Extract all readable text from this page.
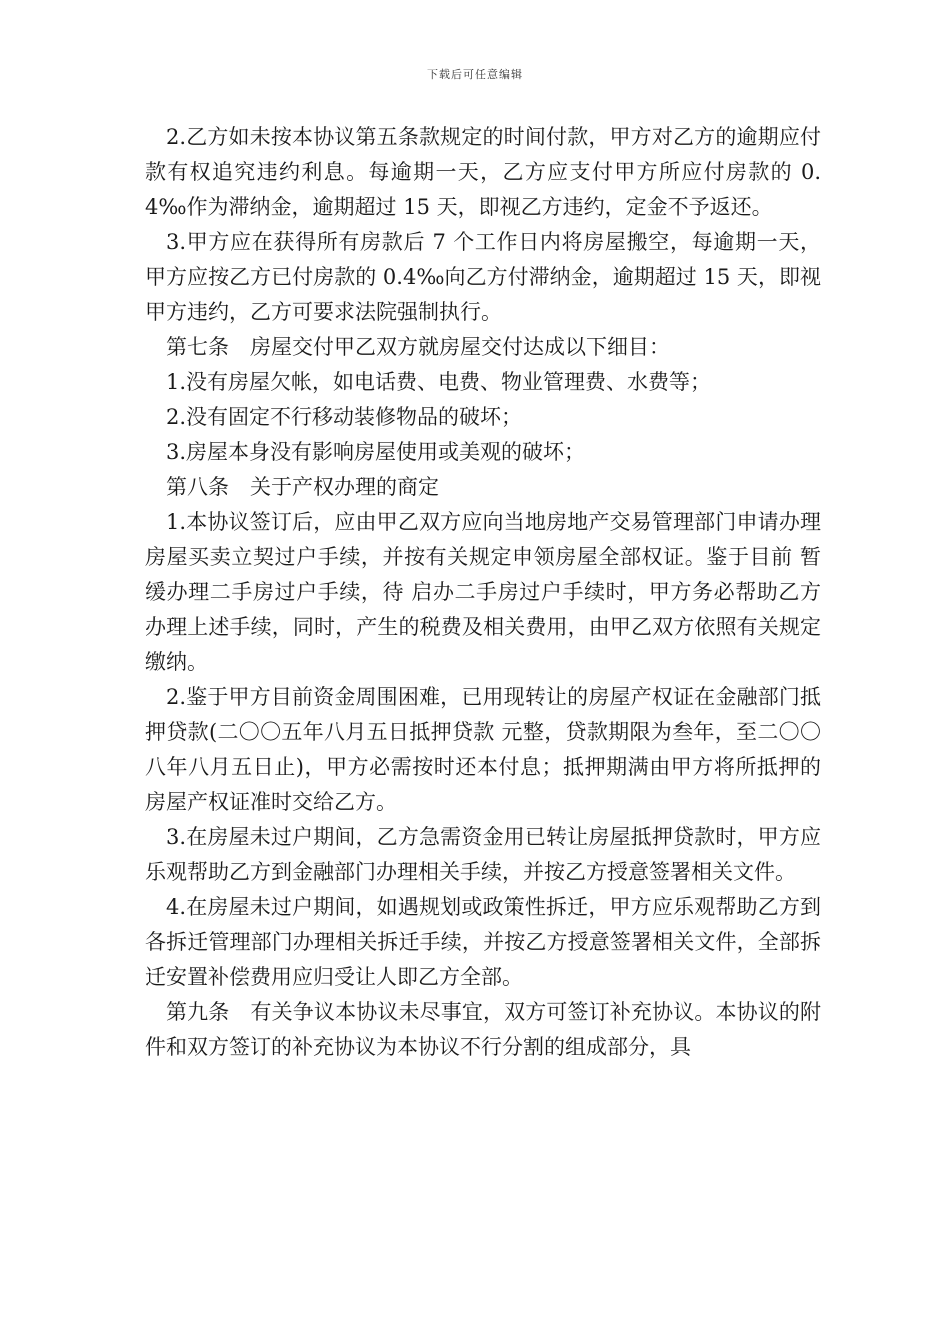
下载后可任意编辑

2.乙方如未按本协议第五条款规定的时间付款，甲方对乙方的逾期应付款有权追究违约利息。每逾期一天，乙方应支付甲方所应付房款的 0.4‰作为滞纳金，逾期超过 15 天，即视乙方违约，定金不予返还。

3.甲方应在获得所有房款后 7 个工作日内将房屋搬空，每逾期一天，甲方应按乙方已付房款的 0.4‰向乙方付滞纳金，逾期超过 15 天，即视甲方违约，乙方可要求法院强制执行。

第七条　房屋交付甲乙双方就房屋交付达成以下细目：

1.没有房屋欠帐，如电话费、电费、物业管理费、水费等；

2.没有固定不行移动装修物品的破坏；

3.房屋本身没有影响房屋使用或美观的破坏；

第八条　关于产权办理的商定

1.本协议签订后，应由甲乙双方应向当地房地产交易管理部门申请办理房屋买卖立契过户手续，并按有关规定申领房屋全部权证。鉴于目前 暂缓办理二手房过户手续，待 启办二手房过户手续时，甲方务必帮助乙方办理上述手续，同时，产生的税费及相关费用，由甲乙双方依照有关规定缴纳。

2.鉴于甲方目前资金周围困难，已用现转让的房屋产权证在金融部门抵押贷款(二〇〇五年八月五日抵押贷款 元整，贷款期限为叁年，至二〇〇八年八月五日止)，甲方必需按时还本付息；抵押期满由甲方将所抵押的房屋产权证准时交给乙方。

3.在房屋未过户期间，乙方急需资金用已转让房屋抵押贷款时，甲方应乐观帮助乙方到金融部门办理相关手续，并按乙方授意签署相关文件。

4.在房屋未过户期间，如遇规划或政策性拆迁，甲方应乐观帮助乙方到各拆迁管理部门办理相关拆迁手续，并按乙方授意签署相关文件，全部拆迁安置补偿费用应归受让人即乙方全部。

第九条　有关争议本协议未尽事宜，双方可签订补充协议。本协议的附件和双方签订的补充协议为本协议不行分割的组成部分，具
